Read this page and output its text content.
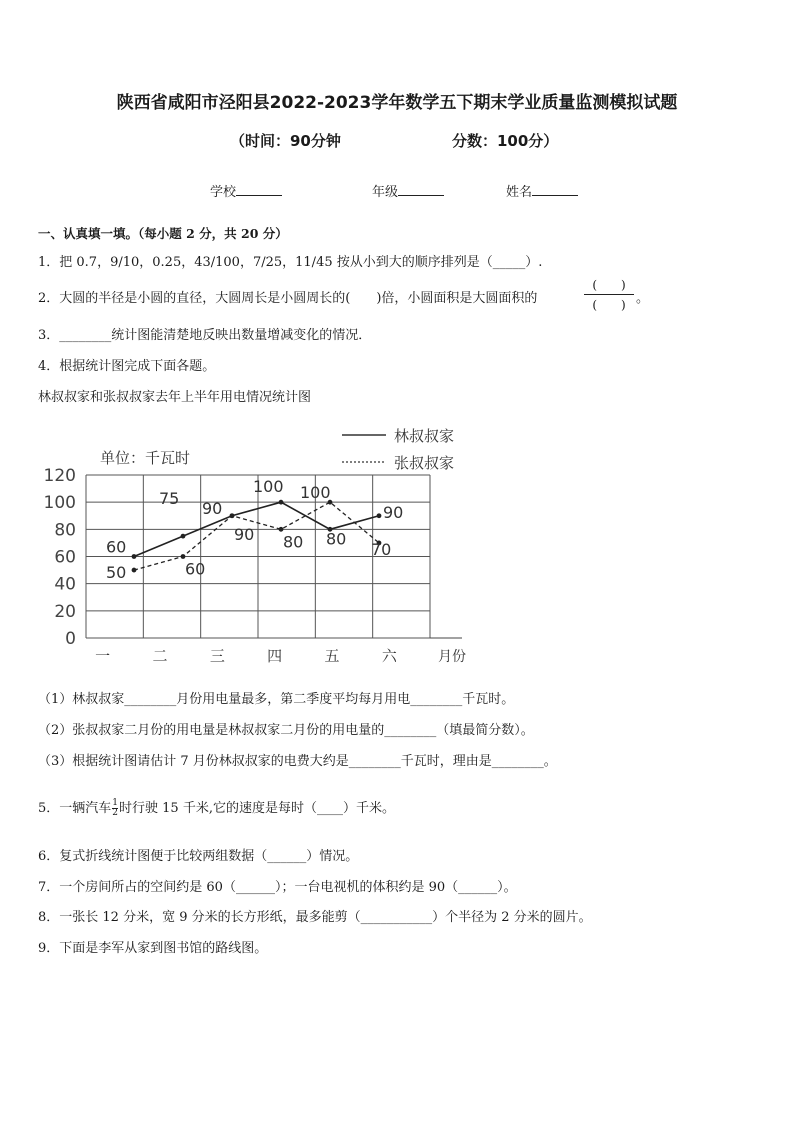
陕西省咸阳市泾阳县2022-2023学年数学五下期末学业质量监测模拟试题
（时间：90分钟	分数：100分）
学校	年级	姓名
一、认真填一填。（每小题 2 分，共 20 分）
1．把 0.7，9/10，0.25，43/100，7/25，11/45 按从小到大的顺序排列是（_____）.
2．大圆的半径是小圆的直径，大圆周长是小圆周长的(　　)倍，小圆面积是大圆面积的
(　　)
(　　) 。
3．________统计图能清楚地反映出数量增减变化的情况．
4．根据统计图完成下面各题。
林叔叔家和张叔叔家去年上半年用电情况统计图
0
20
40
60
80
100
120
一	二	三	四	五	六	月份
单位：千瓦时
林叔叔家
张叔叔家
60
75
90
100
80
90
50	60
90 80
100
70
（1）林叔叔家________月份用电量最多，第二季度平均每月用电________千瓦时。
（2）张叔叔家二月份的用电量是林叔叔家二月份的用电量的________（填最简分数）。
（3）根据统计图请估计 7 月份林叔叔家的电费大约是________千瓦时，理由是________。
5．一辆汽车 $\frac{1}{2}$ 时行驶 15 千米,它的速度是每时（____）千米。
6．复式折线统计图便于比较两组数据（______）情况。
7．一个房间所占的空间约是 60（______）；一台电视机的体积约是 90（______）。
8．一张长 12 分米，宽 9 分米的长方形纸，最多能剪（___________）个半径为 2 分米的圆片。
9．下面是李军从家到图书馆的路线图。
